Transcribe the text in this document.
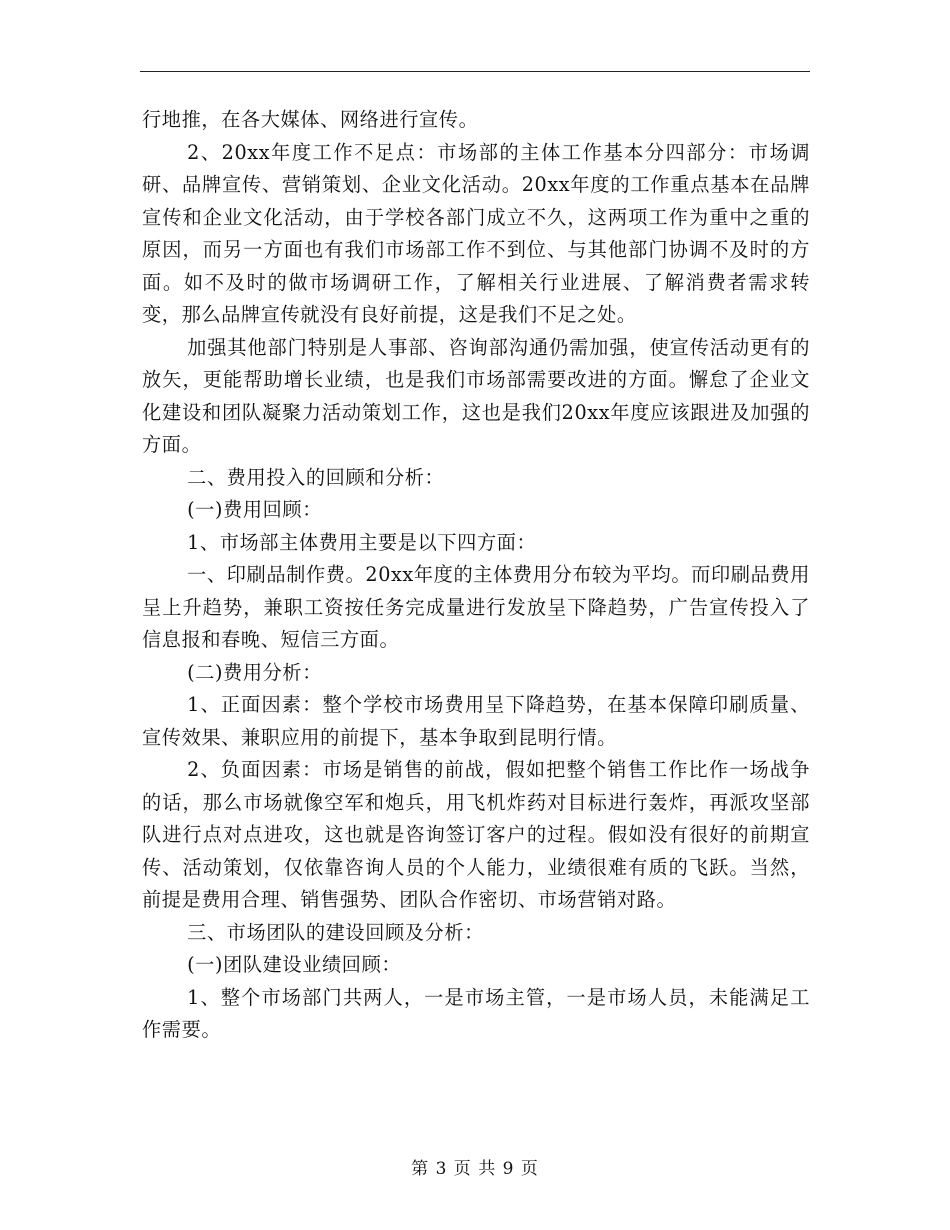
行地推，在各大媒体、网络进行宣传。

2、20xx年度工作不足点：市场部的主体工作基本分四部分：市场调研、品牌宣传、营销策划、企业文化活动。20xx年度的工作重点基本在品牌宣传和企业文化活动，由于学校各部门成立不久，这两项工作为重中之重的原因，而另一方面也有我们市场部工作不到位、与其他部门协调不及时的方面。如不及时的做市场调研工作，了解相关行业进展、了解消费者需求转变，那么品牌宣传就没有良好前提，这是我们不足之处。

加强其他部门特别是人事部、咨询部沟通仍需加强，使宣传活动更有的放矢，更能帮助增长业绩，也是我们市场部需要改进的方面。懈怠了企业文化建设和团队凝聚力活动策划工作，这也是我们20xx年度应该跟进及加强的方面。

二、费用投入的回顾和分析：

(一)费用回顾：

1、市场部主体费用主要是以下四方面：

一、印刷品制作费。20xx年度的主体费用分布较为平均。而印刷品费用呈上升趋势，兼职工资按任务完成量进行发放呈下降趋势，广告宣传投入了信息报和春晚、短信三方面。

(二)费用分析：

1、正面因素：整个学校市场费用呈下降趋势，在基本保障印刷质量、宣传效果、兼职应用的前提下，基本争取到昆明行情。

2、负面因素：市场是销售的前战，假如把整个销售工作比作一场战争的话，那么市场就像空军和炮兵，用飞机炸药对目标进行轰炸，再派攻坚部队进行点对点进攻，这也就是咨询签订客户的过程。假如没有很好的前期宣传、活动策划，仅依靠咨询人员的个人能力，业绩很难有质的飞跃。当然，前提是费用合理、销售强势、团队合作密切、市场营销对路。

三、市场团队的建设回顾及分析：

(一)团队建设业绩回顾：

1、整个市场部门共两人，一是市场主管，一是市场人员，未能满足工作需要。

第 3 页 共 9 页
